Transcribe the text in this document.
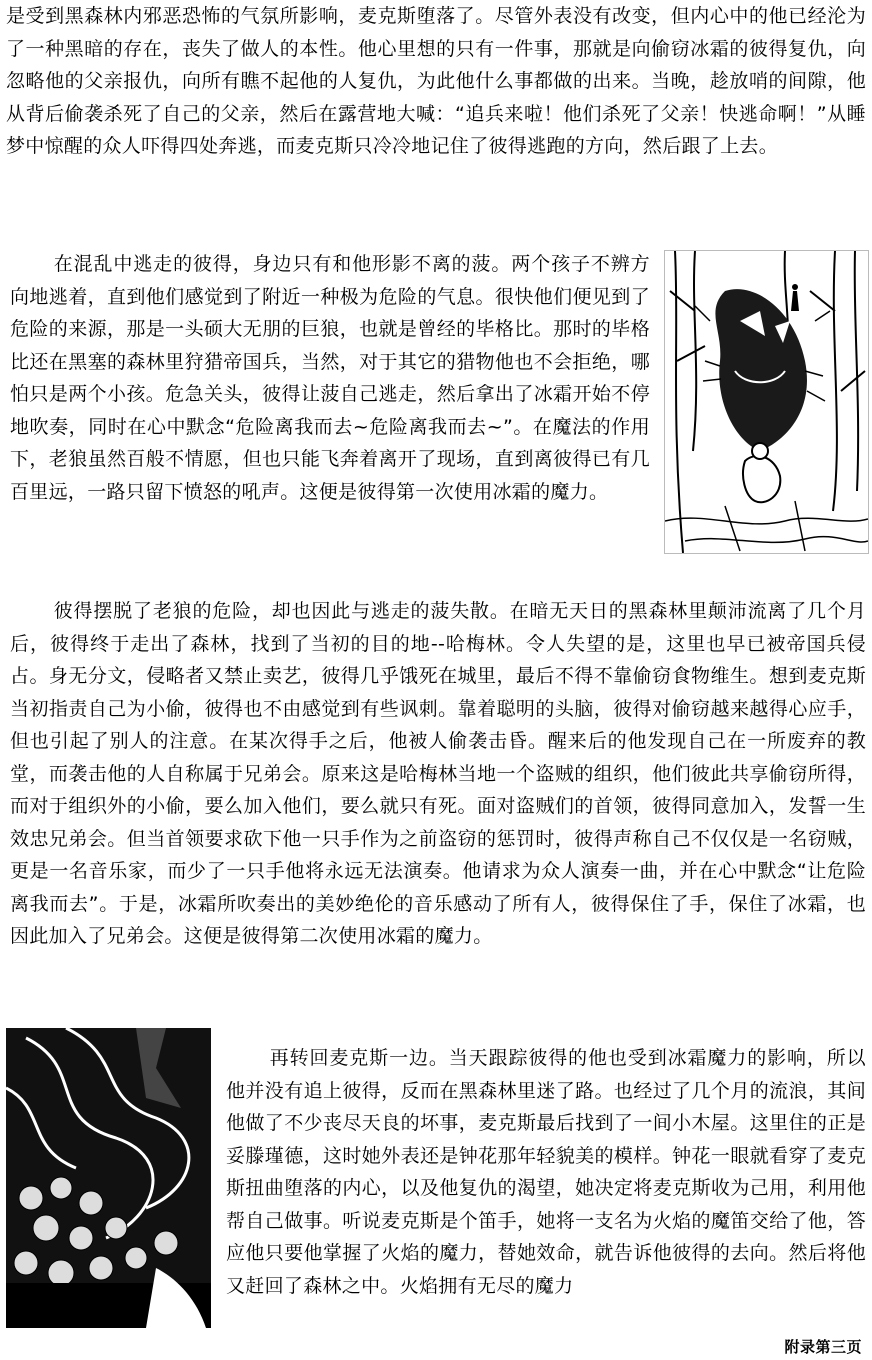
是受到黑森林内邪恶恐怖的气氛所影响，麦克斯堕落了。尽管外表没有改变，但内心中的他已经沦为了一种黑暗的存在，丧失了做人的本性。他心里想的只有一件事，那就是向偷窃冰霜的彼得复仇，向忽略他的父亲报仇，向所有瞧不起他的人复仇，为此他什么事都做的出来。当晚，趁放哨的间隙，他从背后偷袭杀死了自己的父亲，然后在露营地大喊：“追兵来啦！他们杀死了父亲！快逃命啊！”从睡梦中惊醒的众人吓得四处奔逃，而麦克斯只冷冷地记住了彼得逃跑的方向，然后跟了上去。

在混乱中逃走的彼得，身边只有和他形影不离的菠。两个孩子不辨方向地逃着，直到他们感觉到了附近一种极为危险的气息。很快他们便见到了危险的来源，那是一头硕大无朋的巨狼，也就是曾经的毕格比。那时的毕格比还在黑塞的森林里狩猎帝国兵，当然，对于其它的猎物他也不会拒绝，哪怕只是两个小孩。危急关头，彼得让菠自己逃走，然后拿出了冰霜开始不停地吹奏，同时在心中默念“危险离我而去~危险离我而去~”。在魔法的作用下，老狼虽然百般不情愿，但也只能飞奔着离开了现场，直到离彼得已有几百里远，一路只留下愤怒的吼声。这便是彼得第一次使用冰霜的魔力。

彼得摆脱了老狼的危险，却也因此与逃走的菠失散。在暗无天日的黑森林里颠沛流离了几个月后，彼得终于走出了森林，找到了当初的目的地--哈梅林。令人失望的是，这里也早已被帝国兵侵占。身无分文，侵略者又禁止卖艺，彼得几乎饿死在城里，最后不得不靠偷窃食物维生。想到麦克斯当初指责自己为小偷，彼得也不由感觉到有些讽刺。靠着聪明的头脑，彼得对偷窃越来越得心应手，但也引起了别人的注意。在某次得手之后，他被人偷袭击昏。醒来后的他发现自己在一所废弃的教堂，而袭击他的人自称属于兄弟会。原来这是哈梅林当地一个盗贼的组织，他们彼此共享偷窃所得，而对于组织外的小偷，要么加入他们，要么就只有死。面对盗贼们的首领，彼得同意加入，发誓一生效忠兄弟会。但当首领要求砍下他一只手作为之前盗窃的惩罚时，彼得声称自己不仅仅是一名窃贼，更是一名音乐家，而少了一只手他将永远无法演奏。他请求为众人演奏一曲，并在心中默念“让危险离我而去”。于是，冰霜所吹奏出的美妙绝伦的音乐感动了所有人，彼得保住了手，保住了冰霜，也因此加入了兄弟会。这便是彼得第二次使用冰霜的魔力。

再转回麦克斯一边。当天跟踪彼得的他也受到冰霜魔力的影响，所以他并没有追上彼得，反而在黑森林里迷了路。也经过了几个月的流浪，其间他做了不少丧尽天良的坏事，麦克斯最后找到了一间小木屋。这里住的正是妥滕瑾德，这时她外表还是钟花那年轻貌美的模样。钟花一眼就看穿了麦克斯扭曲堕落的内心，以及他复仇的渴望，她决定将麦克斯收为己用，利用他帮自己做事。听说麦克斯是个笛手，她将一支名为火焰的魔笛交给了他，答应他只要他掌握了火焰的魔力，替她效命，就告诉他彼得的去向。然后将他又赶回了森林之中。火焰拥有无尽的魔力

附录第三页
